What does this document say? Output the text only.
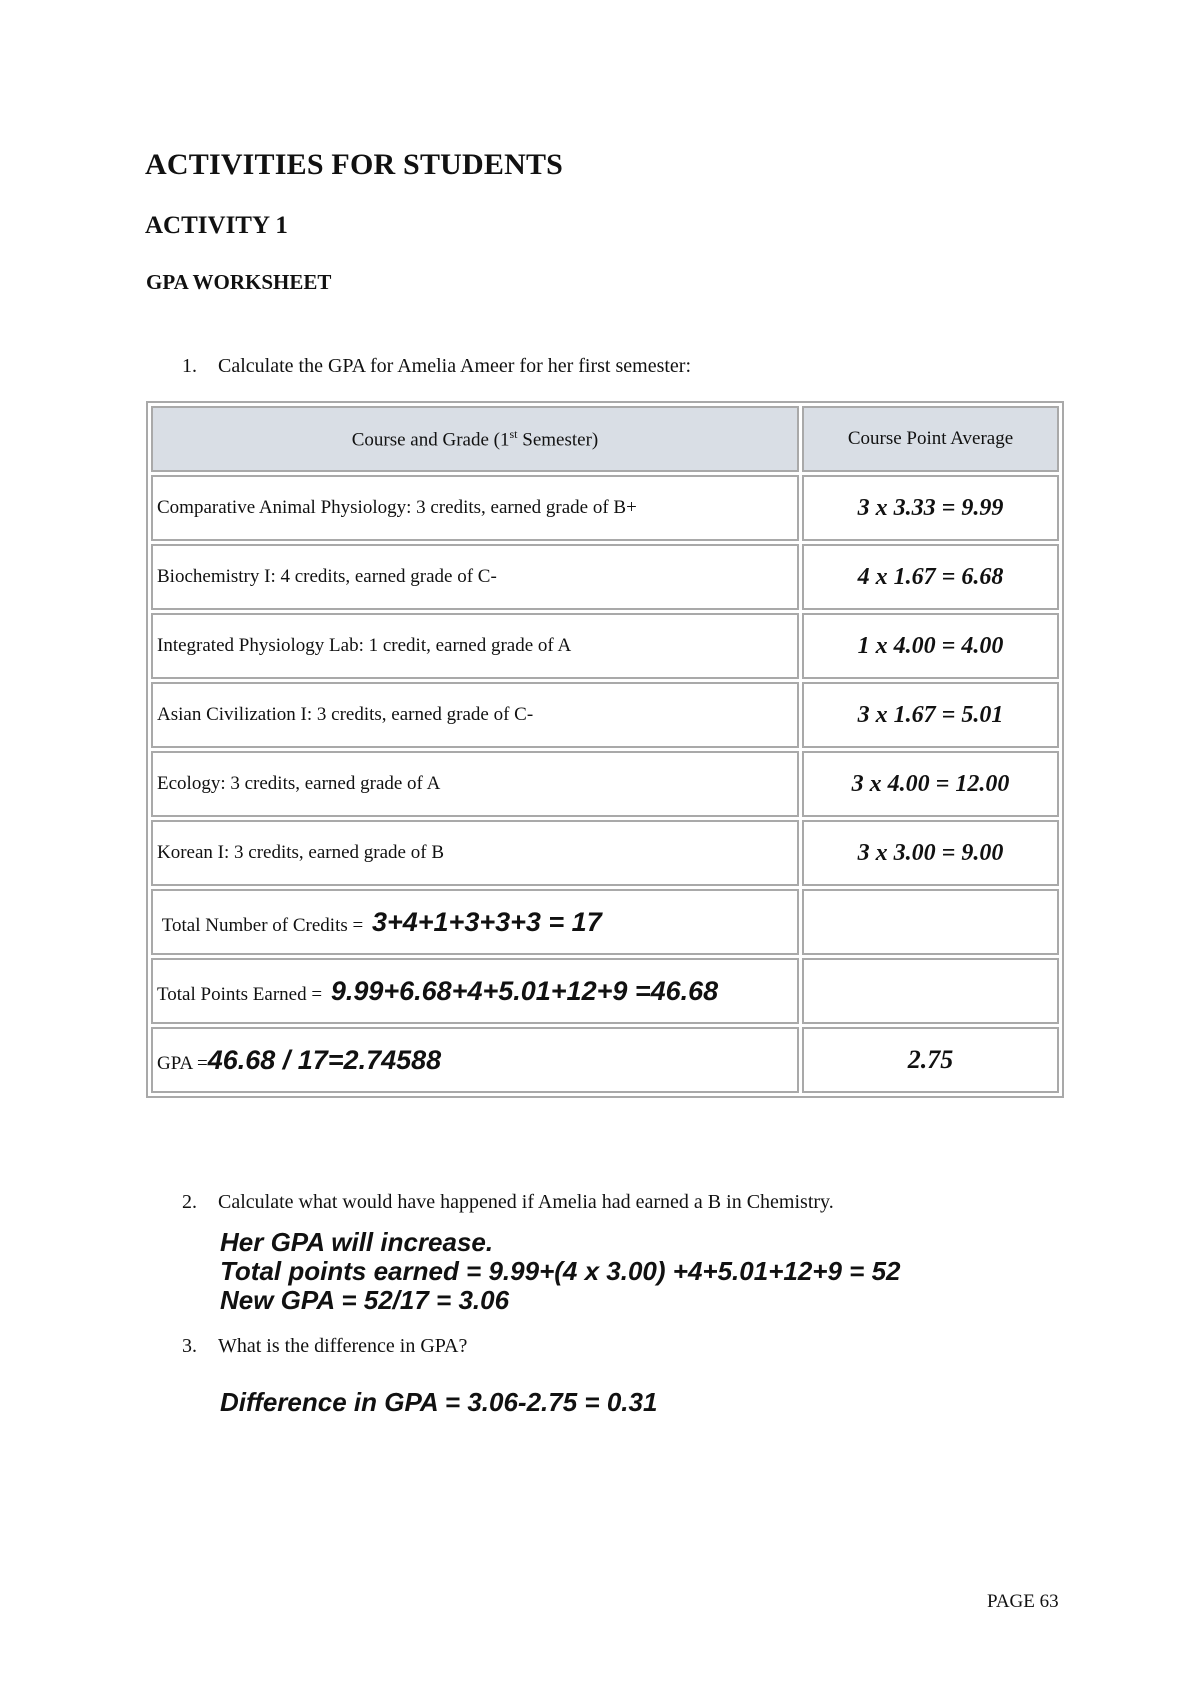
ACTIVITIES FOR STUDENTS
ACTIVITY 1
GPA WORKSHEET
1.	Calculate the GPA for Amelia Ameer for her first semester:
Course and Grade (1st Semester)	Course Point Average
Comparative Animal Physiology: 3 credits, earned grade of B+	3 x 3.33 = 9.99
Biochemistry I: 4 credits, earned grade of C-	4 x 1.67 = 6.68
Integrated Physiology Lab: 1 credit, earned grade of A	1 x 4.00 = 4.00
Asian Civilization I: 3 credits, earned grade of C-	3 x 1.67 = 5.01
Ecology: 3 credits, earned grade of A	3 x 4.00 = 12.00
Korean I: 3 credits, earned grade of B	3 x 3.00 = 9.00
Total Number of Credits = 3+4+1+3+3+3 = 17	
Total Points Earned = 9.99+6.68+4+5.01+12+9 =46.68	
GPA =46.68 / 17=2.74588	2.75
2.	Calculate what would have happened if Amelia had earned a B in Chemistry.
Her GPA will increase.
Total points earned = 9.99+(4 x 3.00) +4+5.01+12+9 = 52
New GPA = 52/17 = 3.06
3.	What is the difference in GPA?
Difference in GPA = 3.06-2.75 = 0.31
PAGE 63
